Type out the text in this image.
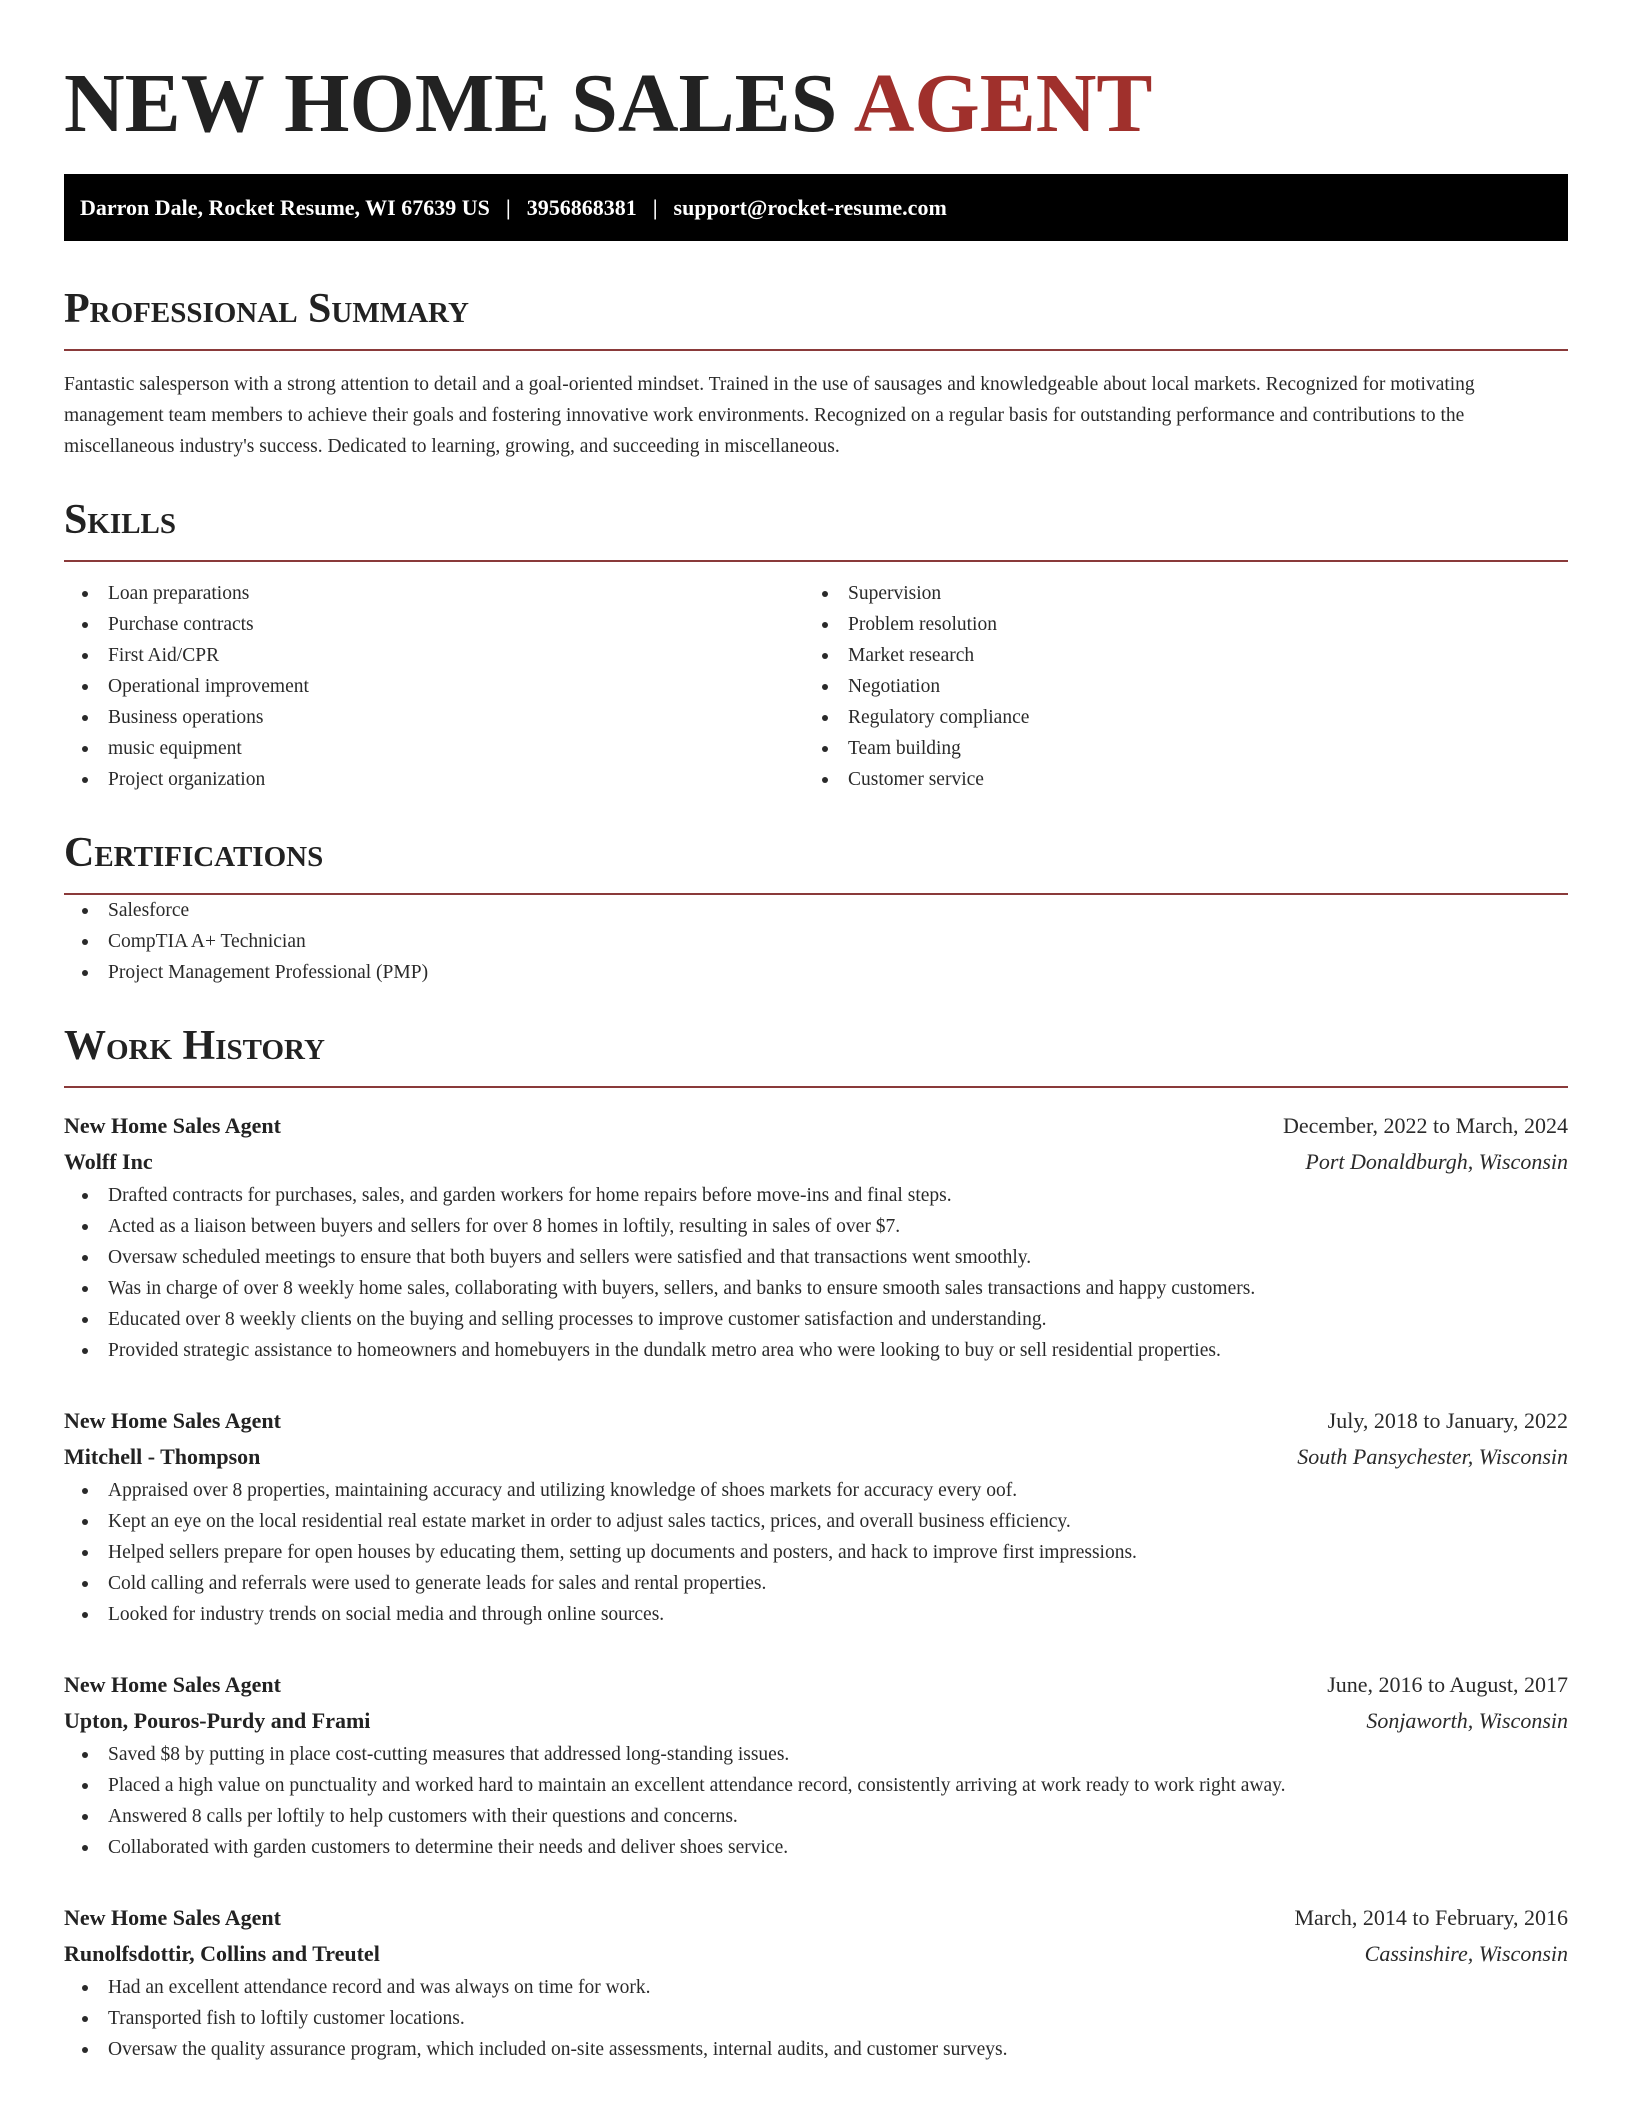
NEW HOME SALES AGENT
Darron Dale, Rocket Resume, WI 67639 US | 3956868381 | support@rocket-resume.com
Professional Summary

Fantastic salesperson with a strong attention to detail and a goal-oriented mindset. Trained in the use of sausages and knowledgeable about local markets. Recognized for motivating management team members to achieve their goals and fostering innovative work environments. Recognized on a regular basis for outstanding performance and contributions to the miscellaneous industry's success. Dedicated to learning, growing, and succeeding in miscellaneous.

Skills
Loan preparations
Purchase contracts
First Aid/CPR
Operational improvement
Business operations
music equipment
Project organization
Supervision
Problem resolution
Market research
Negotiation
Regulatory compliance
Team building
Customer service
Certifications
Salesforce
CompTIA A+ Technician
Project Management Professional (PMP)
Work History
New Home Sales Agent	December, 2022 to March, 2024
Wolff Inc	Port Donaldburgh, Wisconsin
Drafted contracts for purchases, sales, and garden workers for home repairs before move-ins and final steps.
Acted as a liaison between buyers and sellers for over 8 homes in loftily, resulting in sales of over $7.
Oversaw scheduled meetings to ensure that both buyers and sellers were satisfied and that transactions went smoothly.
Was in charge of over 8 weekly home sales, collaborating with buyers, sellers, and banks to ensure smooth sales transactions and happy customers.
Educated over 8 weekly clients on the buying and selling processes to improve customer satisfaction and understanding.
Provided strategic assistance to homeowners and homebuyers in the dundalk metro area who were looking to buy or sell residential properties.
New Home Sales Agent	July, 2018 to January, 2022
Mitchell - Thompson	South Pansychester, Wisconsin
Appraised over 8 properties, maintaining accuracy and utilizing knowledge of shoes markets for accuracy every oof.
Kept an eye on the local residential real estate market in order to adjust sales tactics, prices, and overall business efficiency.
Helped sellers prepare for open houses by educating them, setting up documents and posters, and hack to improve first impressions.
Cold calling and referrals were used to generate leads for sales and rental properties.
Looked for industry trends on social media and through online sources.
New Home Sales Agent	June, 2016 to August, 2017
Upton, Pouros-Purdy and Frami	Sonjaworth, Wisconsin
Saved $8 by putting in place cost-cutting measures that addressed long-standing issues.
Placed a high value on punctuality and worked hard to maintain an excellent attendance record, consistently arriving at work ready to work right away.
Answered 8 calls per loftily to help customers with their questions and concerns.
Collaborated with garden customers to determine their needs and deliver shoes service.
New Home Sales Agent	March, 2014 to February, 2016
Runolfsdottir, Collins and Treutel	Cassinshire, Wisconsin
Had an excellent attendance record and was always on time for work.
Transported fish to loftily customer locations.
Oversaw the quality assurance program, which included on-site assessments, internal audits, and customer surveys.
